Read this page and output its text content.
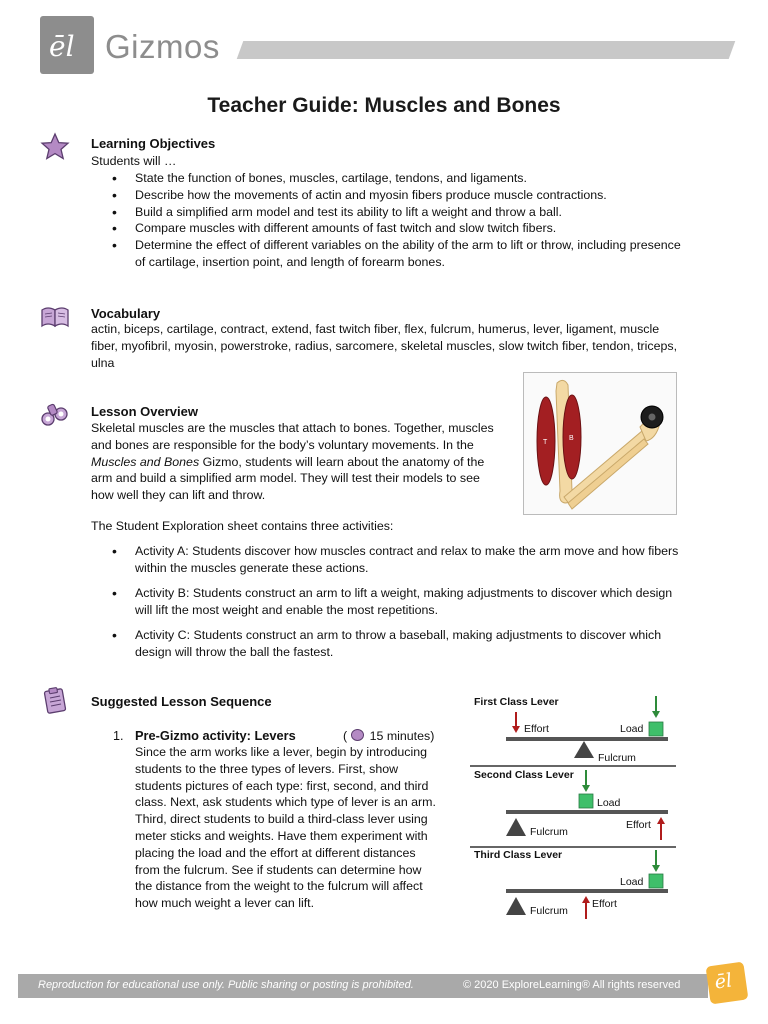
ēl Gizmos
Teacher Guide: Muscles and Bones
Learning Objectives
Students will …
• State the function of bones, muscles, cartilage, tendons, and ligaments.
• Describe how the movements of actin and myosin fibers produce muscle contractions.
• Build a simplified arm model and test its ability to lift a weight and throw a ball.
• Compare muscles with different amounts of fast twitch and slow twitch fibers.
• Determine the effect of different variables on the ability of the arm to lift or throw, including presence of cartilage, insertion point, and length of forearm bones.
Vocabulary
actin, biceps, cartilage, contract, extend, fast twitch fiber, flex, fulcrum, humerus, lever, ligament, muscle fiber, myofibril, myosin, powerstroke, radius, sarcomere, skeletal muscles, slow twitch fiber, tendon, triceps, ulna
Lesson Overview
Skeletal muscles are the muscles that attach to bones. Together, muscles and bones are responsible for the body’s voluntary movements. In the Muscles and Bones Gizmo, students will learn about the anatomy of the arm and build a simplified arm model. They will test their models to see how well they can lift and throw.
T
B
The Student Exploration sheet contains three activities:
• Activity A: Students discover how muscles contract and relax to make the arm move and how fibers within the muscles generate these actions.
• Activity B: Students construct an arm to lift a weight, making adjustments to discover which design will lift the most weight and enable the most repetitions.
• Activity C: Students construct an arm to throw a baseball, making adjustments to discover which design will throw the ball the fastest.
Suggested Lesson Sequence
1. Pre-Gizmo activity: Levers	( 15 minutes)
Since the arm works like a lever, begin by introducing students to the three types of levers. First, show students pictures of each type: first, second, and third class. Next, ask students which type of lever is an arm. Third, direct students to build a third-class lever using meter sticks and weights. Have them experiment with placing the load and the effort at different distances from the fulcrum. See if students can determine how the distance from the weight to the fulcrum will affect how much weight a lever can lift.
First Class Lever
Effort	Load
Fulcrum
Second Class Lever
Load
Fulcrum
Effort
Third Class Lever
Load
Fulcrum
Effort
Reproduction for educational use only. Public sharing or posting is prohibited.	© 2020 ExploreLearning® All rights reserved ēl
